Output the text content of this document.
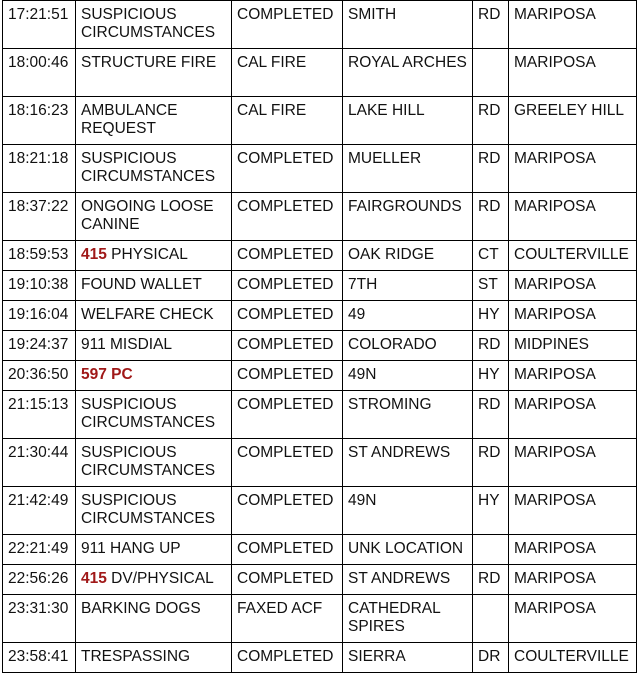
17:21:51	SUSPICIOUS CIRCUMSTANCES	COMPLETED	SMITH	RD	MARIPOSA
18:00:46	STRUCTURE FIRE	CAL FIRE	ROYAL ARCHES		MARIPOSA
18:16:23	AMBULANCE REQUEST	CAL FIRE	LAKE HILL	RD	GREELEY HILL
18:21:18	SUSPICIOUS CIRCUMSTANCES	COMPLETED	MUELLER	RD	MARIPOSA
18:37:22	ONGOING LOOSE CANINE	COMPLETED	FAIRGROUNDS	RD	MARIPOSA
18:59:53	415 PHYSICAL	COMPLETED	OAK RIDGE	CT	COULTERVILLE
19:10:38	FOUND WALLET	COMPLETED	7TH	ST	MARIPOSA
19:16:04	WELFARE CHECK	COMPLETED	49	HY	MARIPOSA
19:24:37	911 MISDIAL	COMPLETED	COLORADO	RD	MIDPINES
20:36:50	597 PC	COMPLETED	49N	HY	MARIPOSA
21:15:13	SUSPICIOUS CIRCUMSTANCES	COMPLETED	STROMING	RD	MARIPOSA
21:30:44	SUSPICIOUS CIRCUMSTANCES	COMPLETED	ST ANDREWS	RD	MARIPOSA
21:42:49	SUSPICIOUS CIRCUMSTANCES	COMPLETED	49N	HY	MARIPOSA
22:21:49	911 HANG UP	COMPLETED	UNK LOCATION		MARIPOSA
22:56:26	415 DV/PHYSICAL	COMPLETED	ST ANDREWS	RD	MARIPOSA
23:31:30	BARKING DOGS	FAXED ACF	CATHEDRAL SPIRES		MARIPOSA
23:58:41	TRESPASSING	COMPLETED	SIERRA	DR	COULTERVILLE
